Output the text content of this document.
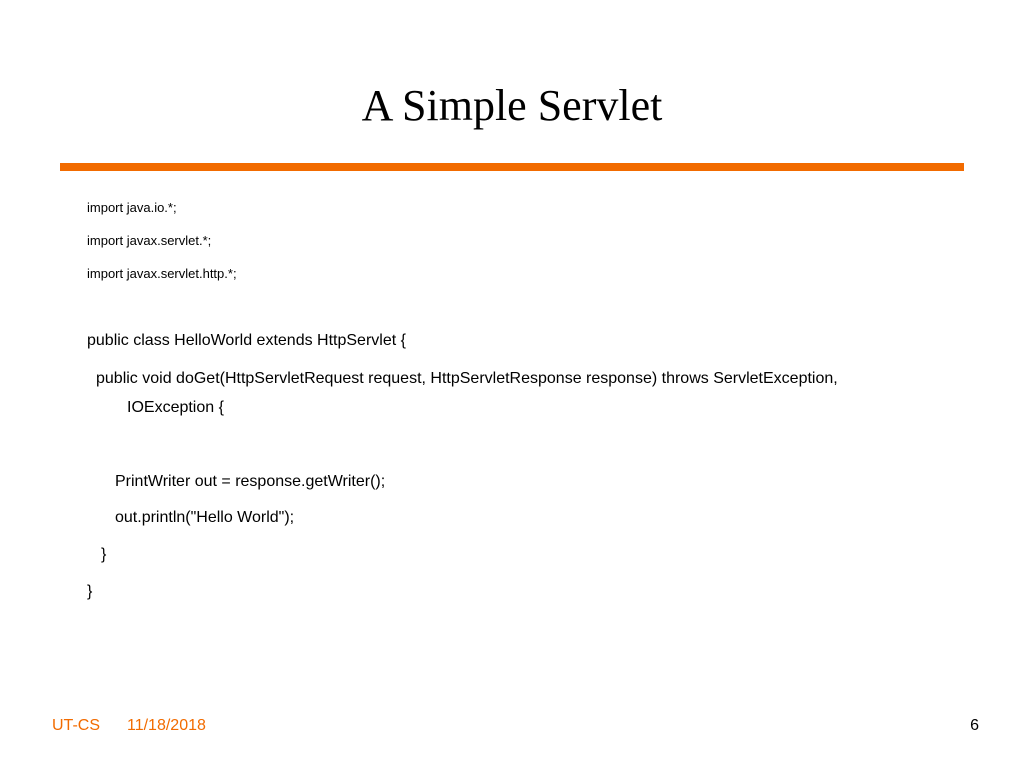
A Simple Servlet
import java.io.*;
import javax.servlet.*;
import javax.servlet.http.*;
public class HelloWorld extends HttpServlet {
public void doGet(HttpServletRequest request, HttpServletResponse response) throws ServletException,
IOException {
PrintWriter out = response.getWriter();
out.println("Hello World");
}
}
UT-CS 11/18/2018	6
